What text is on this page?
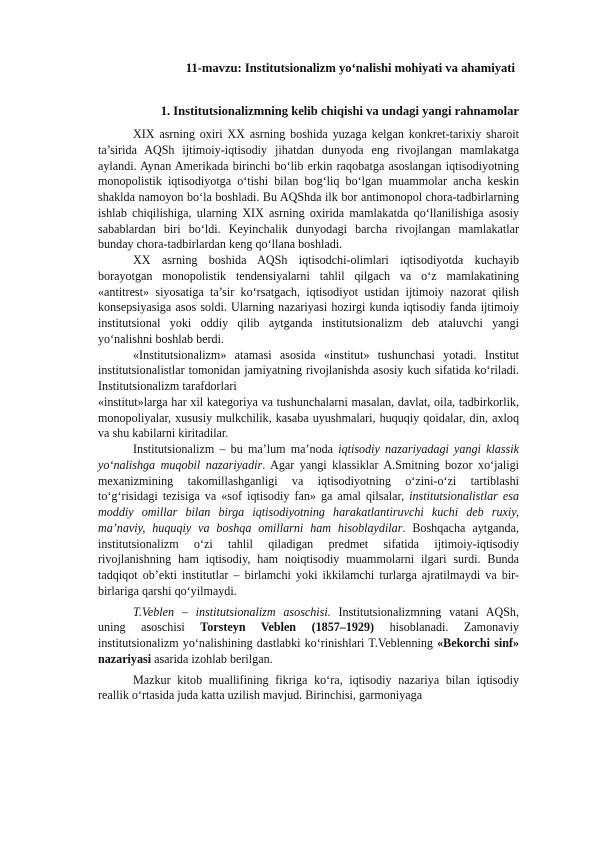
11-mavzu: Institutsionalizm yo‘nalishi mohiyati va ahamiyati
1. Institutsionalizmning kelib chiqishi va undagi yangi rahnamolar

XIX asrning oxiri XX asrning boshida yuzaga kelgan konkret-tarixiy sharoit ta’sirida AQSh ijtimoiy-iqtisodiy jihatdan dunyoda eng rivojlangan mamlakatga aylandi. Aynan Amerikada birinchi bo‘lib erkin raqobatga asoslangan iqtisodiyotning monopolistik iqtisodiyotga o‘tishi bilan bog‘liq bo‘lgan muammolar ancha keskin shaklda namoyon bo‘la boshladi. Bu AQShda ilk bor antimonopol chora-tadbirlarning ishlab chiqilishiga, ularning XIX asrning oxirida mamlakatda qo‘llanilishiga asosiy sabablardan biri bo‘ldi. Keyinchalik dunyodagi barcha rivojlangan mamlakatlar bunday chora-tadbirlardan keng qo‘llana boshladi.

XX asrning boshida AQSh iqtisodchi-olimlari iqtisodiyotda kuchayib borayotgan monopolistik tendensiyalarni tahlil qilgach va o‘z mamlakatining

«antitrest» siyosatiga ta’sir ko‘rsatgach, iqtisodiyot ustidan ijtimoiy nazorat qilish konsepsiyasiga asos soldi. Ularning nazariyasi hozirgi kunda iqtisodiy fanda ijtimoiy institutsional yoki oddiy qilib aytganda institutsionalizm deb ataluvchi yangi yo‘nalishni boshlab berdi.

«Institutsionalizm» atamasi asosida «institut» tushunchasi yotadi. Institut institutsionalistlar tomonidan jamiyatning rivojlanishda asosiy kuch sifatida ko‘riladi. Institutsionalizm tarafdorlari

«institut»larga har xil kategoriya va tushunchalarni masalan, davlat, oila, tadbirkorlik, monopoliyalar, xususiy mulkchilik, kasaba uyushmalari, huquqiy qoidalar, din, axloq va shu kabilarni kiritadilar.

Institutsionalizm – bu ma’lum ma’noda iqtisodiy nazariyadagi yangi klassik yo‘nalishga muqobil nazariyadir. Agar yangi klassiklar A.Smitning bozor xo‘jaligi mexanizmining takomillashganligi va iqtisodiyotning o‘zini-o‘zi tartiblashi to‘g‘risidagi tezisiga va «sof iqtisodiy fan» ga amal qilsalar, institutsionalistlar esa moddiy omillar bilan birga iqtisodiyotning harakatlantiruvchi kuchi deb ruxiy, ma’naviy, huquqiy va boshqa omillarni ham hisoblaydilar. Boshqacha aytganda, institutsionalizm o‘zi tahlil qiladigan predmet sifatida ijtimoiy-iqtisodiy rivojlanishning ham iqtisodiy, ham noiqtisodiy muammolarni ilgari surdi. Bunda tadqiqot ob’ekti institutlar – birlamchi yoki ikkilamchi turlarga ajratilmaydi va bir-birlariga qarshi qo‘yilmaydi.

T.Veblen – institutsionalizm asoschisi. Institutsionalizmning vatani AQSh, uning asoschisi Torsteyn Veblen (1857–1929) hisoblanadi. Zamonaviy institutsionalizm yo‘nalishining dastlabki ko‘rinishlari T.Veblenning «Bekorchi sinf» nazariyasi asarida izohlab berilgan.

Mazkur kitob muallifining fikriga ko‘ra, iqtisodiy nazariya bilan iqtisodiy reallik o‘rtasida juda katta uzilish mavjud. Birinchisi, garmoniyaga
